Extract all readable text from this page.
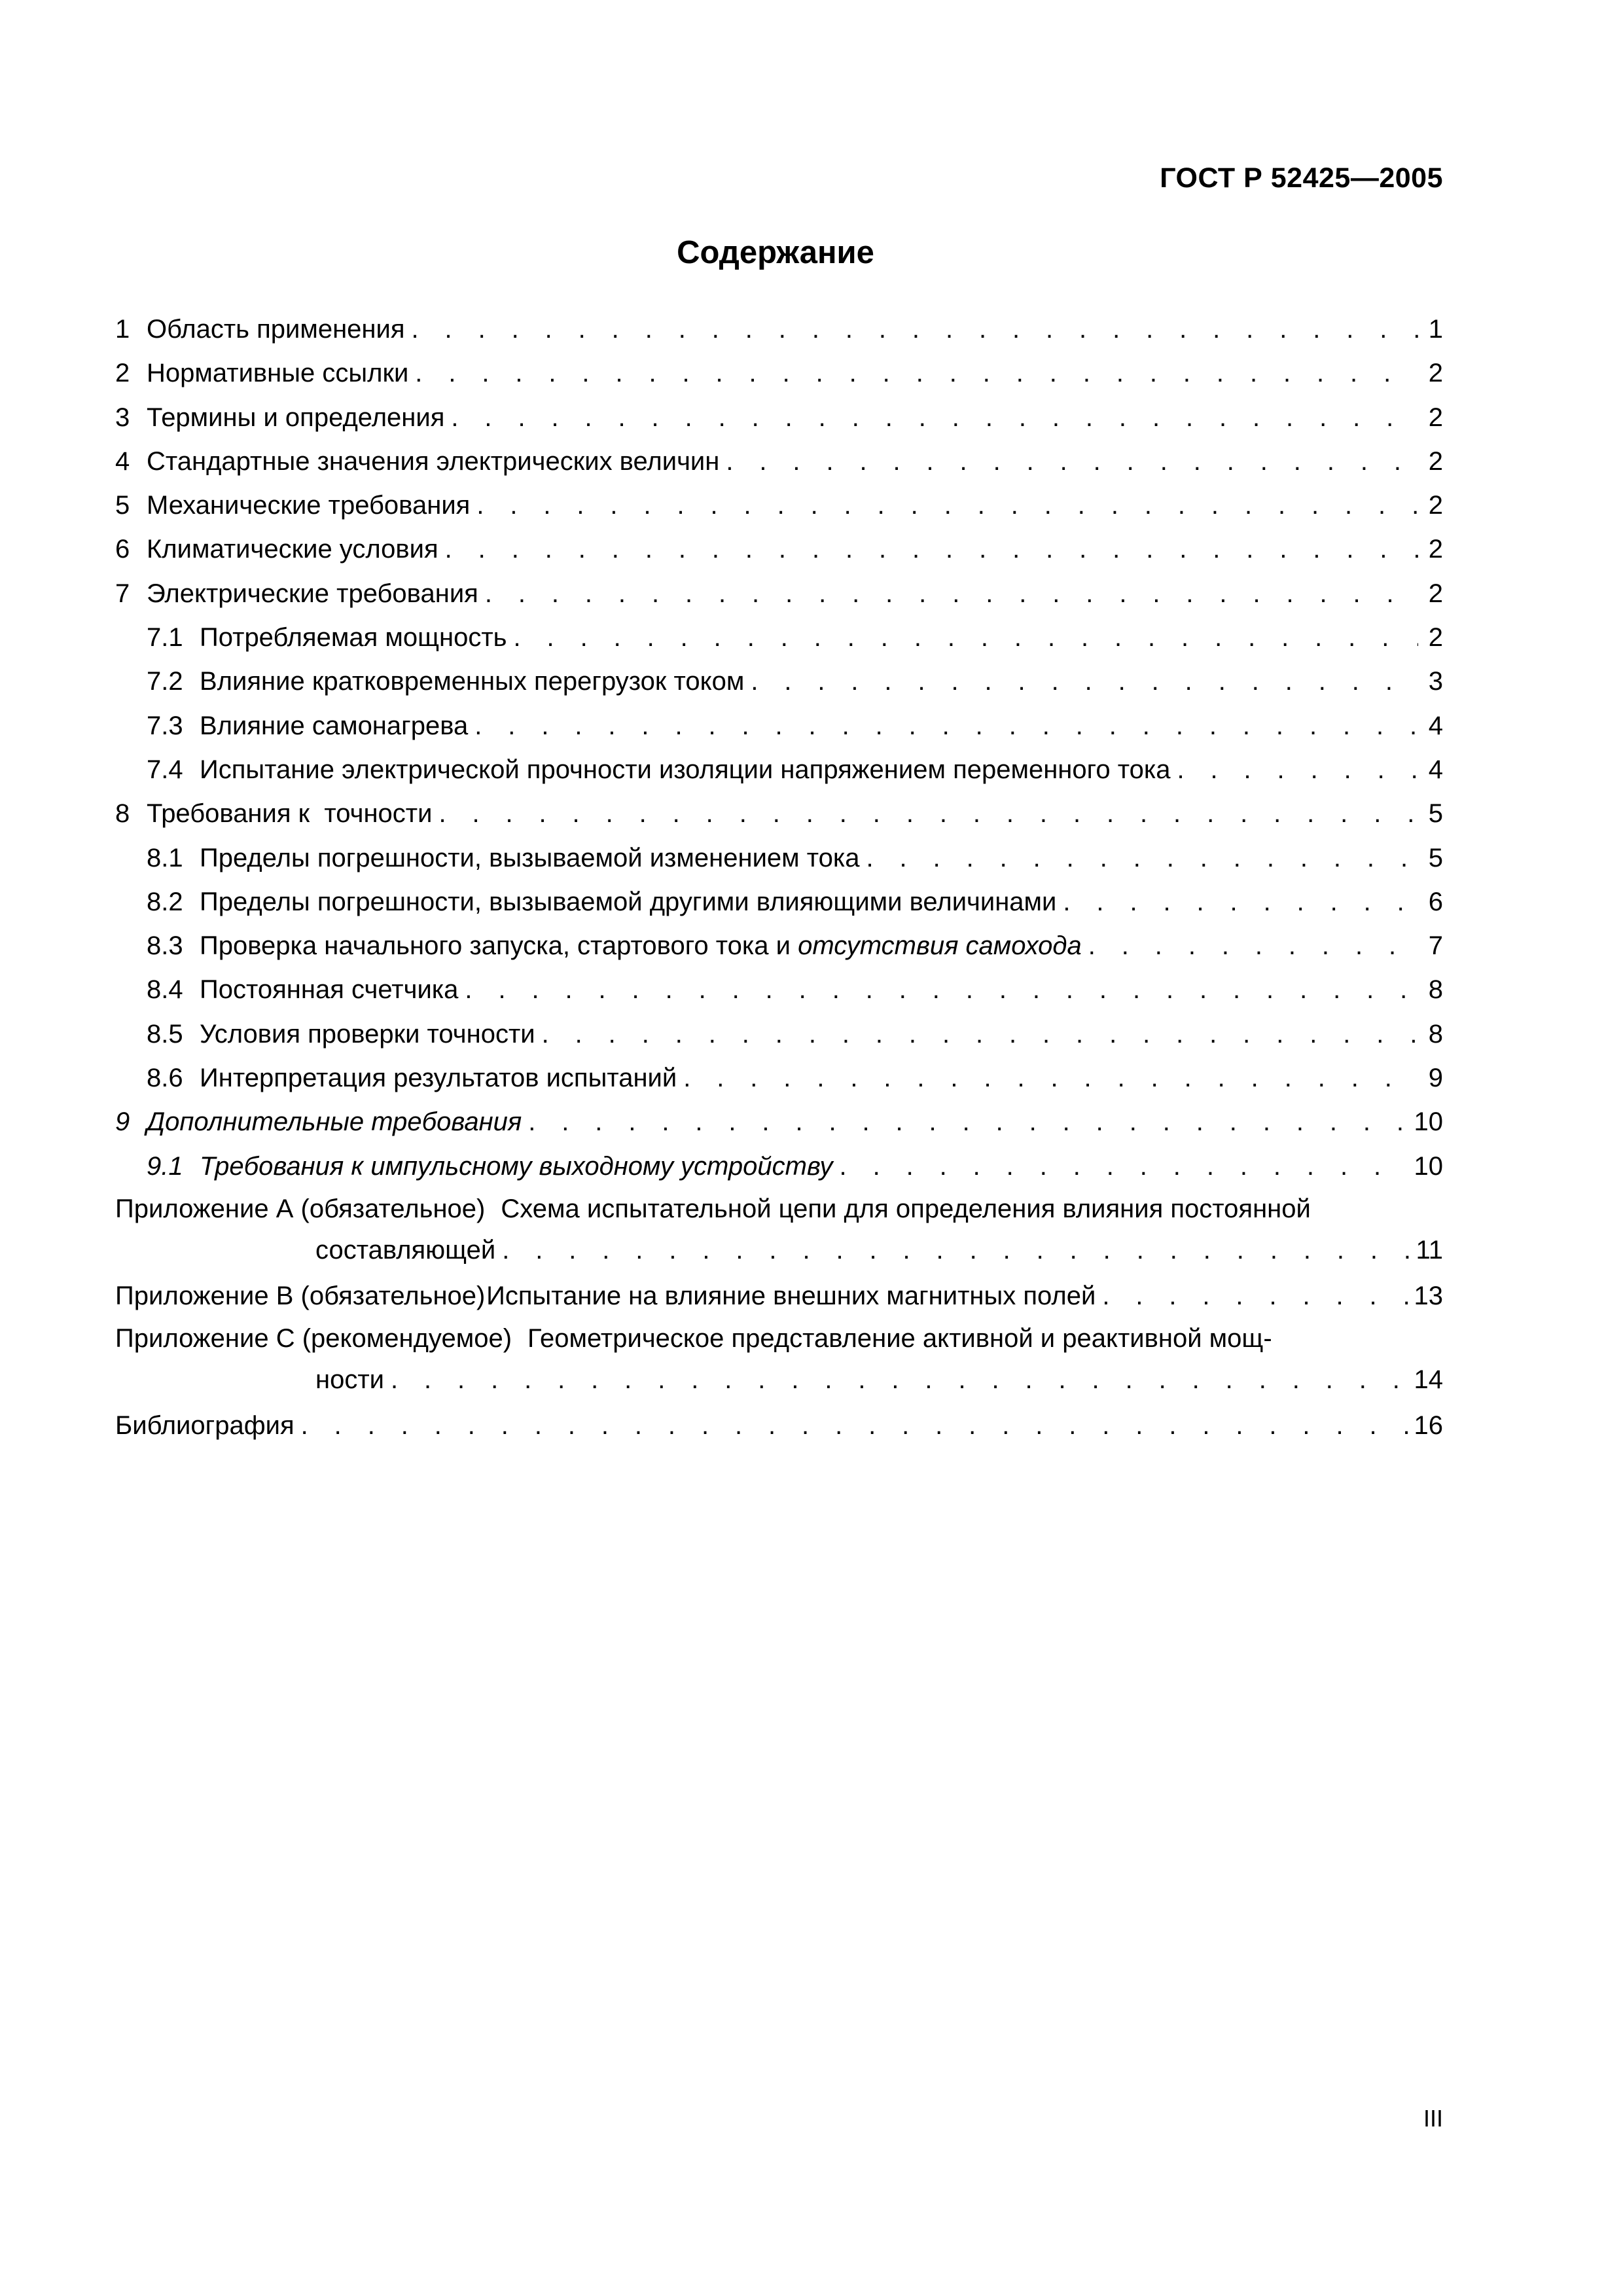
ГОСТ Р 52425—2005
Содержание
1 Область применения . . .	1
2 Нормативные ссылки . . .	2
3 Термины и определения . . .	2
4 Стандартные значения электрических величин . . .	2
5 Механические требования . . .	2
6 Климатические условия . . .	2
7 Электрические требования . . .	2
7.1 Потребляемая мощность . . .	2
7.2 Влияние кратковременных перегрузок током . . .	3
7.3 Влияние самонагрева . . .	4
7.4 Испытание электрической прочности изоляции напряжением переменного тока . . .	4
8 Требования к  точности . . .	5
8.1 Пределы погрешности, вызываемой изменением тока . . .	5
8.2 Пределы погрешности, вызываемой другими влияющими величинами . . .	6
8.3 Проверка начального запуска, стартового тока и отсутствия самохода . . .	7
8.4 Постоянная счетчика . . .	8
8.5 Условия проверки точности . . .	8
8.6 Интерпретация результатов испытаний . . .	9
9 Дополнительные требования . . .	10
9.1 Требования к импульсному выходному устройству . . .	10
Приложение А (обязательное) Схема испытательной цепи для определения влияния постоянной
составляющей . . .	11
Приложение В (обязательное) Испытание на влияние внешних магнитных полей . . .	13
Приложение С (рекомендуемое) Геометрическое представление активной и реактивной мощ-
ности . . .	14
Библиография . . .	16
III
